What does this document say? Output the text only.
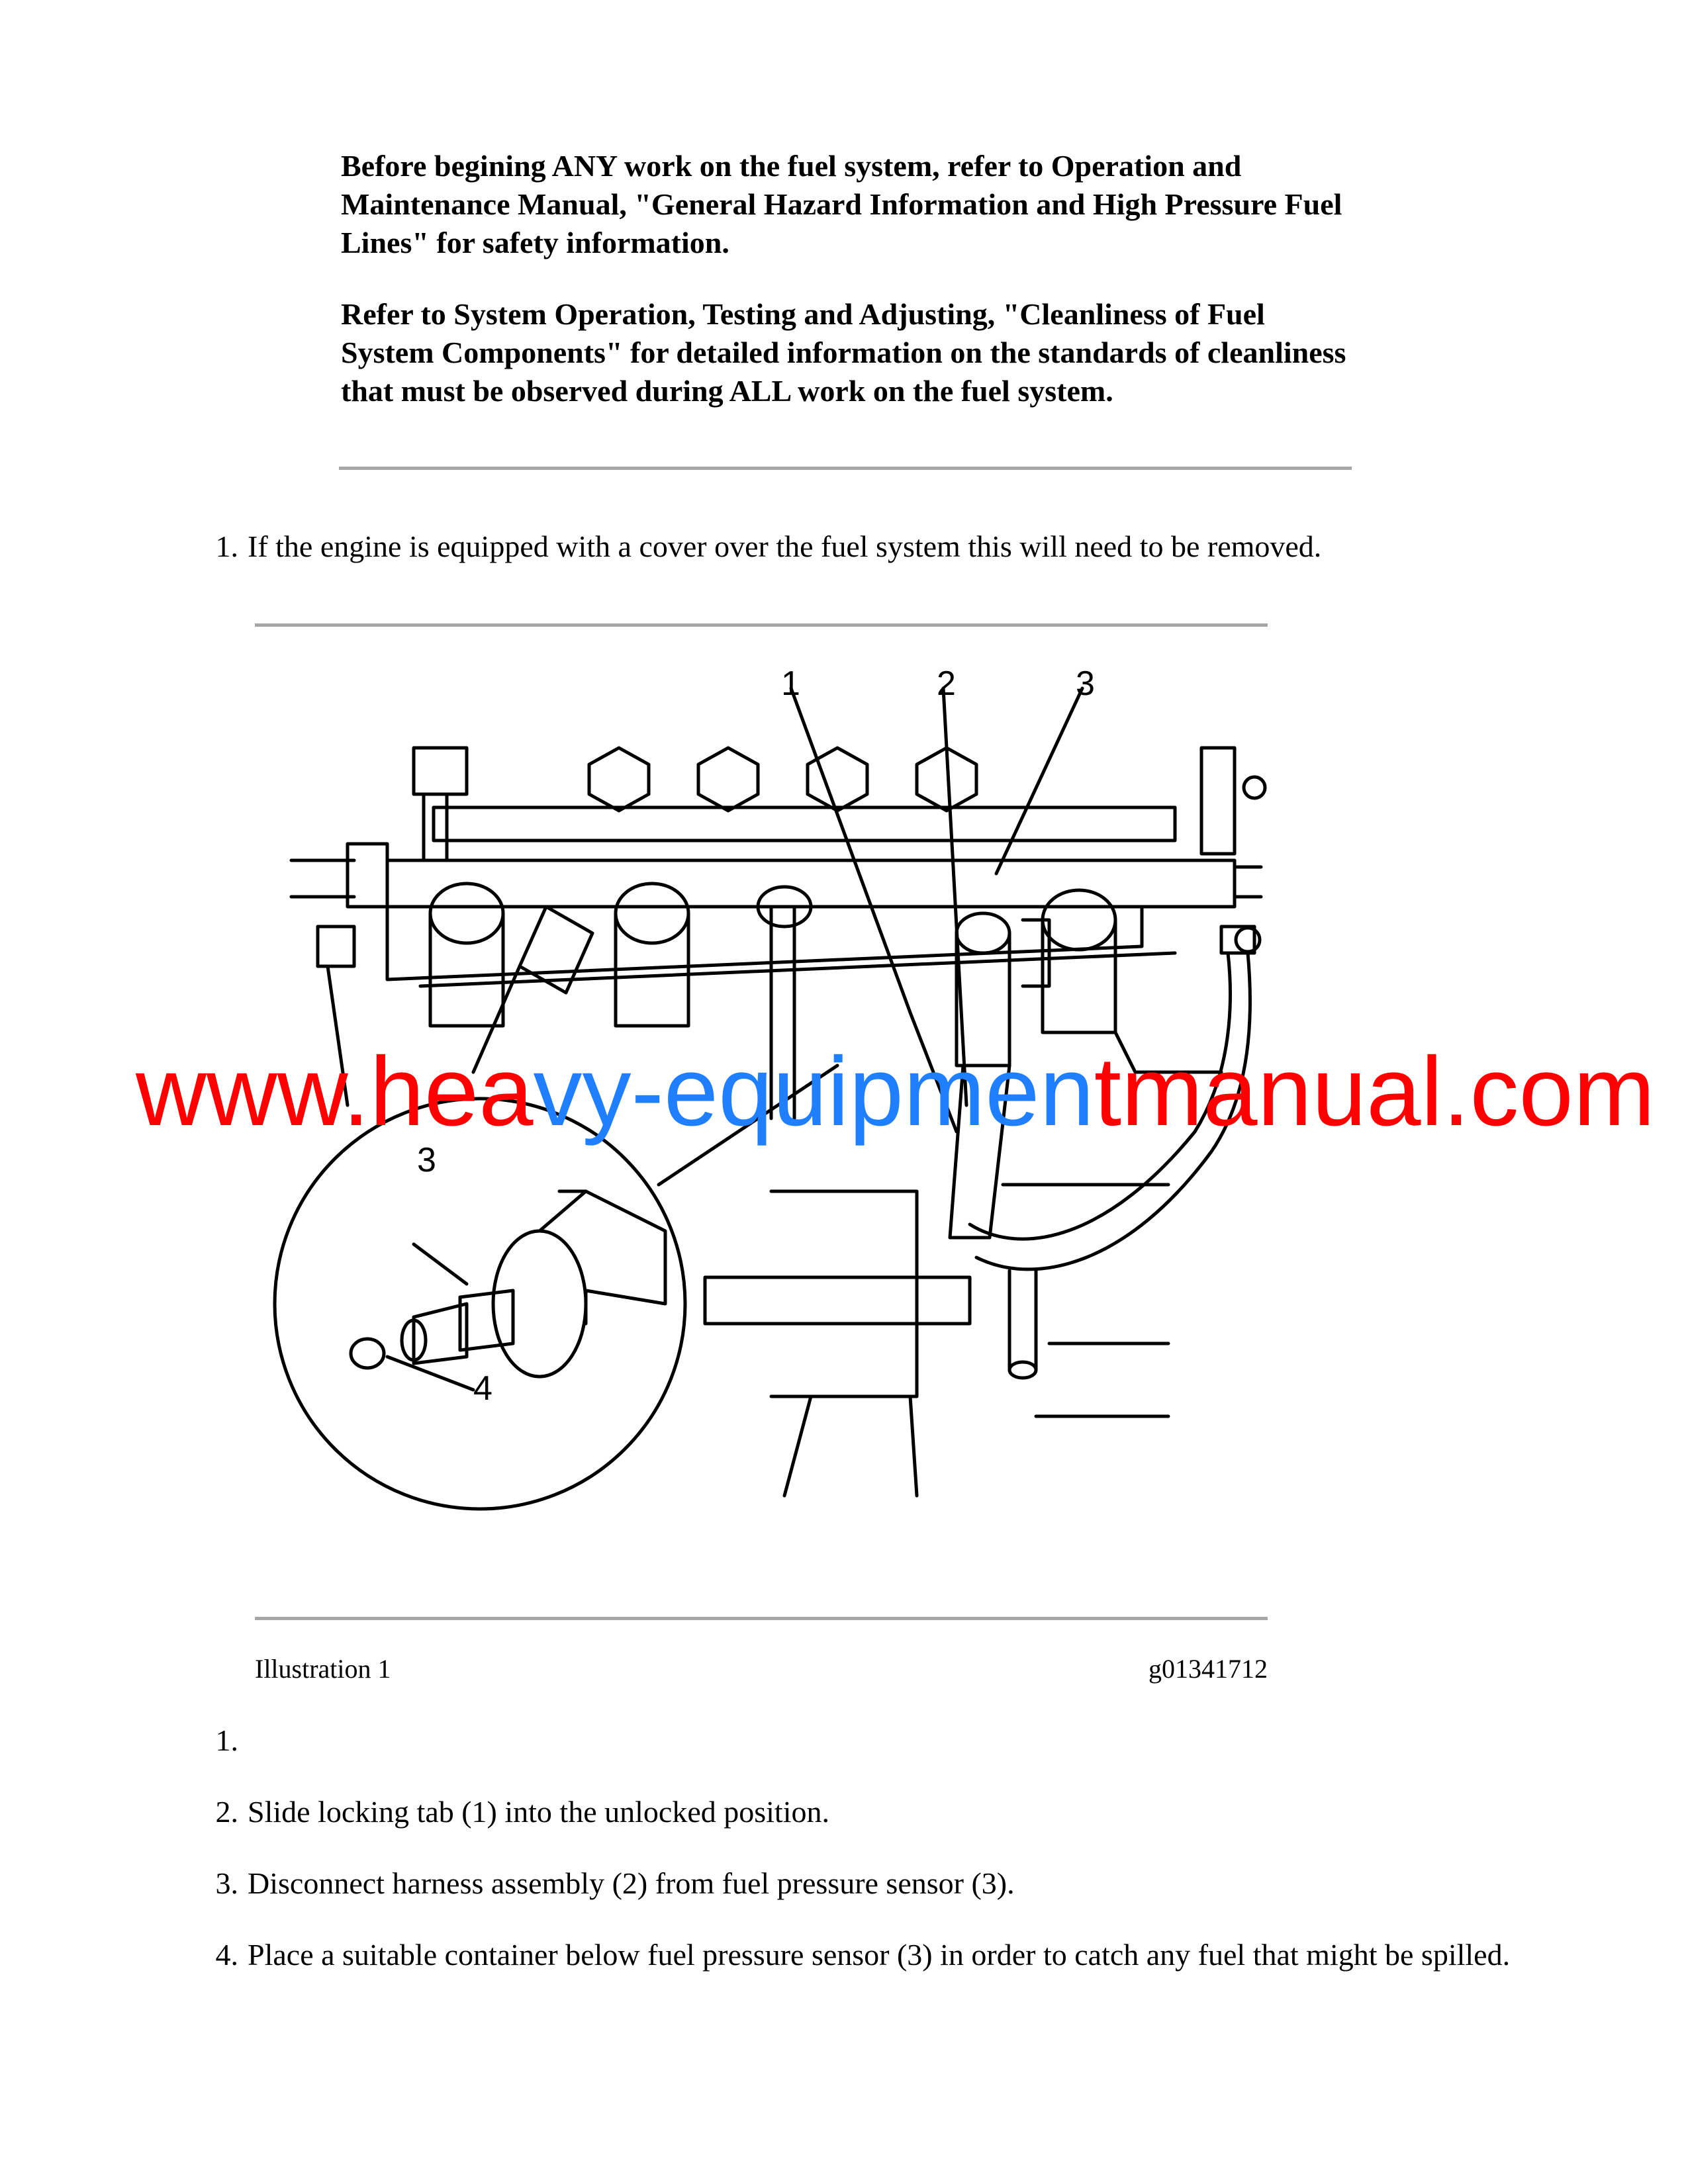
Before begining ANY work on the fuel system, refer to Operation and Maintenance Manual, "General Hazard Information and High Pressure Fuel Lines" for safety information.

Refer to System Operation, Testing and Adjusting, "Cleanliness of Fuel System Components" for detailed information on the standards of cleanliness that must be observed during ALL work on the fuel system.

1. If the engine is equipped with a cover over the fuel system this will need to be removed.
1	2	3
3
4
www.heavy-equipmentmanual.com
Illustration 1	g01341712
1.
2. Slide locking tab (1) into the unlocked position.
3. Disconnect harness assembly (2) from fuel pressure sensor (3).
4. Place a suitable container below fuel pressure sensor (3) in order to catch any fuel that might be spilled.
